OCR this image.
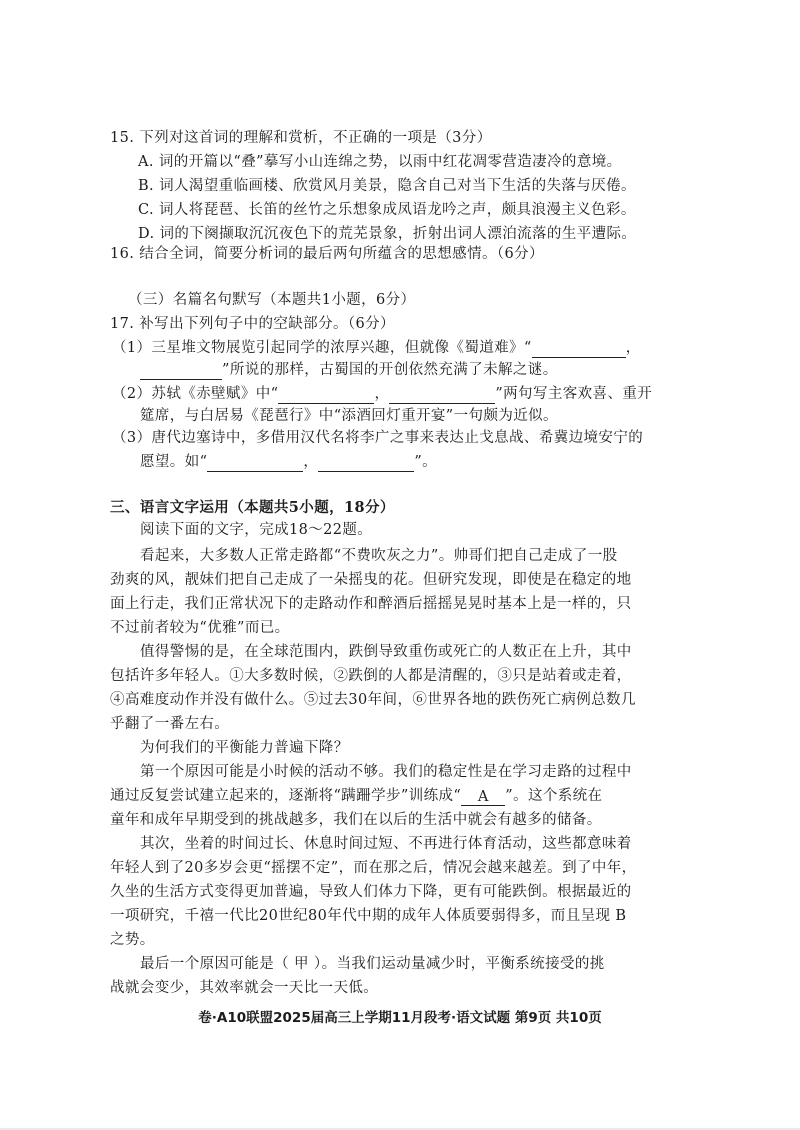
15. 下列对这首词的理解和赏析，不正确的一项是（3分）
A. 词的开篇以“叠”摹写小山连绵之势，以雨中红花凋零营造凄冷的意境。
B. 词人渴望重临画楼、欣赏风月美景，隐含自己对当下生活的失落与厌倦。
C. 词人将琵琶、长笛的丝竹之乐想象成凤语龙吟之声，颇具浪漫主义色彩。
D. 词的下阕撷取沉沉夜色下的荒芜景象，折射出词人漂泊流落的生平遭际。
16. 结合全词，简要分析词的最后两句所蕴含的思想感情。（6分）
（三）名篇名句默写（本题共1小题，6分）
17. 补写出下列句子中的空缺部分。（6分）
（1）三星堆文物展览引起同学的浓厚兴趣，但就像《蜀道难》“	，
”所说的那样，古蜀国的开创依然充满了未解之谜。
（2）苏轼《赤壁赋》中“	，	”两句写主客欢喜、重开
筵席，与白居易《琵琶行》中“添酒回灯重开宴”一句颇为近似。
（3）唐代边塞诗中，多借用汉代名将李广之事来表达止戈息战、希冀边境安宁的
愿望。如“	，	”。
三、语言文字运用（本题共5小题，18分）
阅读下面的文字，完成18～22题。
看起来，大多数人正常走路都“不费吹灰之力”。帅哥们把自己走成了一股
劲爽的风，靓妹们把自己走成了一朵摇曳的花。但研究发现，即使是在稳定的地
面上行走，我们正常状况下的走路动作和醉酒后摇摇晃晃时基本上是一样的，只
不过前者较为“优雅”而已。
值得警惕的是，在全球范围内，跌倒导致重伤或死亡的人数正在上升，其中
包括许多年轻人。①大多数时候，②跌倒的人都是清醒的，③只是站着或走着，
④高难度动作并没有做什么。⑤过去30年间，⑥世界各地的跌伤死亡病例总数几
乎翻了一番左右。
为何我们的平衡能力普遍下降？
第一个原因可能是小时候的活动不够。我们的稳定性是在学习走路的过程中
通过反复尝试建立起来的，逐渐将“蹒跚学步”训练成“ A ”。这个系统在
童年和成年早期受到的挑战越多，我们在以后的生活中就会有越多的储备。
其次，坐着的时间过长、休息时间过短、不再进行体育活动，这些都意味着
年轻人到了20多岁会更“摇摆不定”，而在那之后，情况会越来越差。到了中年，
久坐的生活方式变得更加普遍，导致人们体力下降，更有可能跌倒。根据最近的
一项研究，千禧一代比20世纪80年代中期的成年人体质要弱得多，而且呈现 B
之势。
最后一个原因可能是（ 甲 ）。当我们运动量减少时，平衡系统接受的挑
战就会变少，其效率就会一天比一天低。
卷·A10联盟2025届高三上学期11月段考·语文试题 第9页 共10页
